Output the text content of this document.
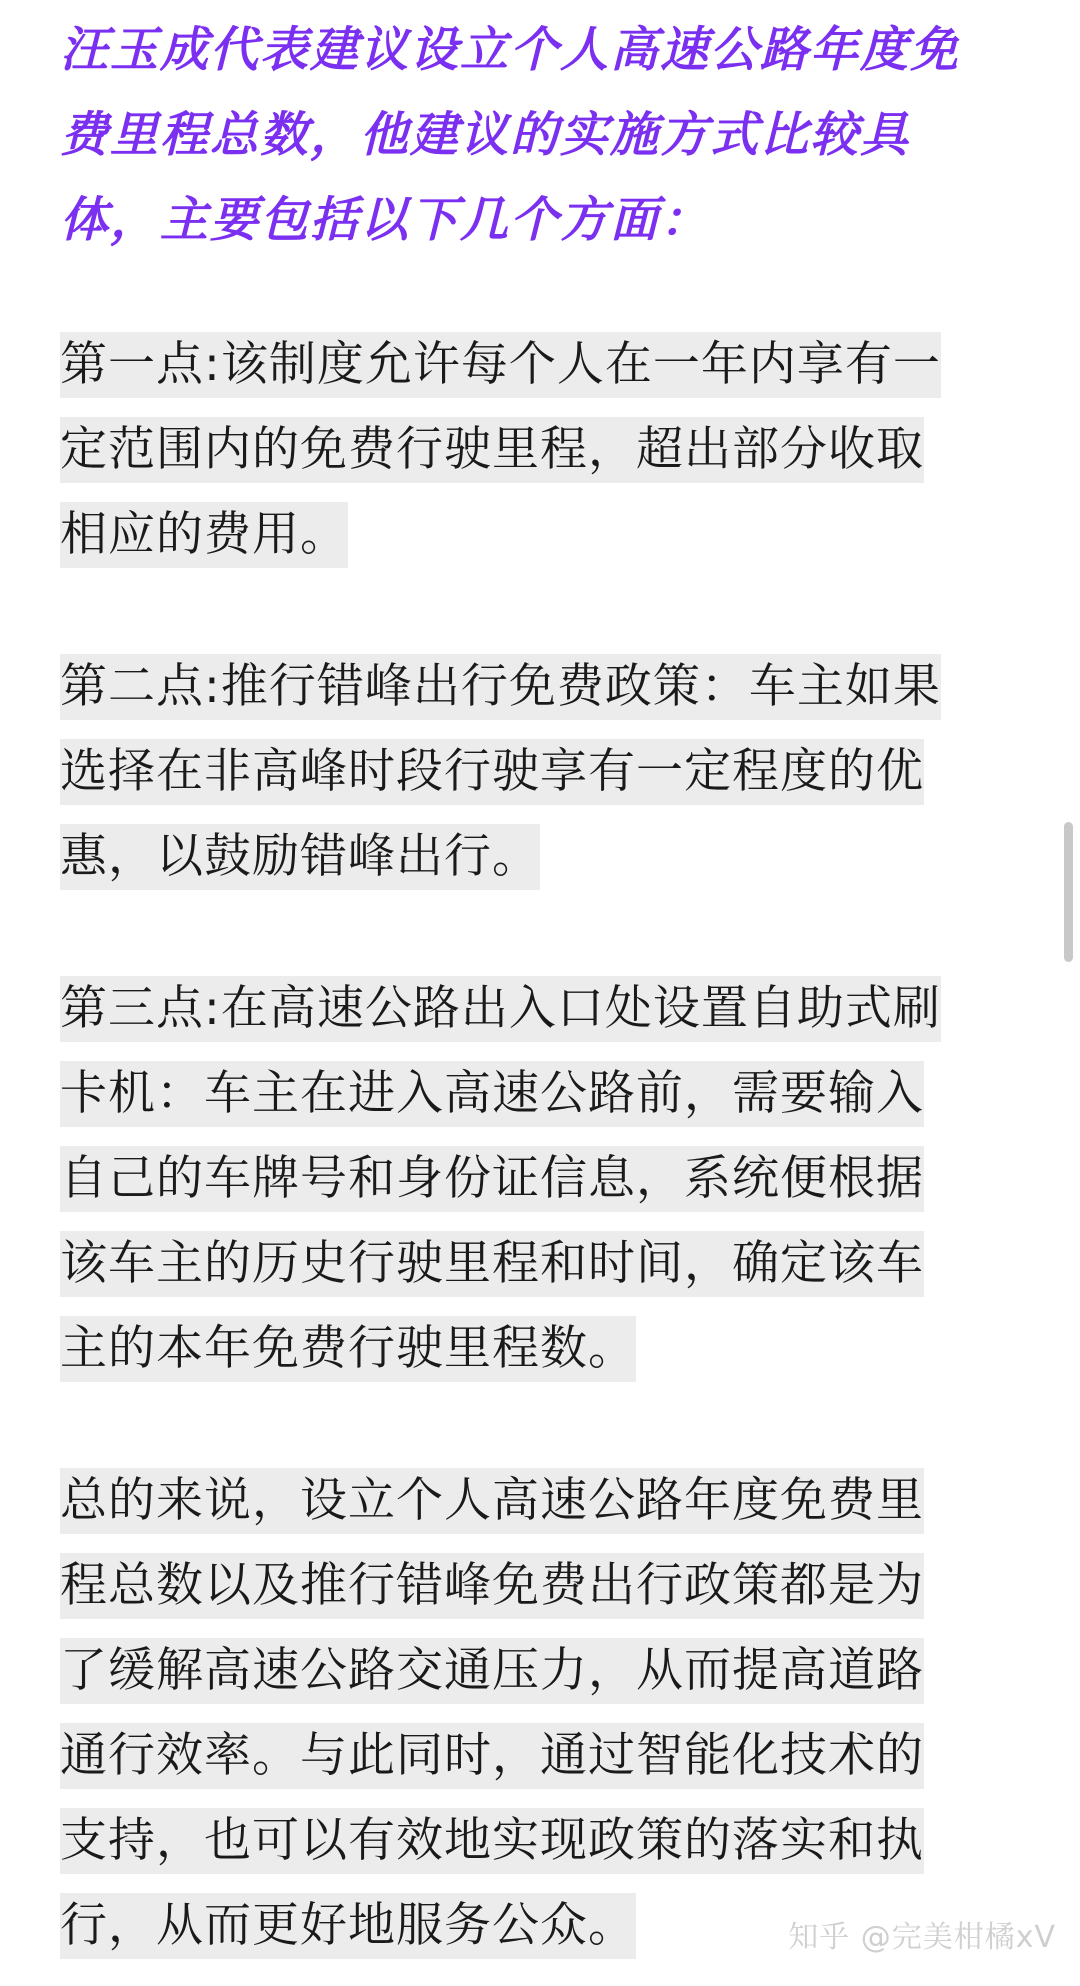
汪玉成代表建议设立个人高速公路年度免
费里程总数，他建议的实施方式比较具
体，主要包括以下几个方面：
第一点:该制度允许每个人在一年内享有一
定范围内的免费行驶里程，超出部分收取
相应的费用。
第二点:推行错峰出行免费政策：车主如果
选择在非高峰时段行驶享有一定程度的优
惠，以鼓励错峰出行。
第三点:在高速公路出入口处设置自助式刷
卡机：车主在进入高速公路前，需要输入
自己的车牌号和身份证信息，系统便根据
该车主的历史行驶里程和时间，确定该车
主的本年免费行驶里程数。
总的来说，设立个人高速公路年度免费里
程总数以及推行错峰免费出行政策都是为
了缓解高速公路交通压力，从而提高道路
通行效率。与此同时，通过智能化技术的
支持，也可以有效地实现政策的落实和执
行，从而更好地服务公众。	知乎 @完美柑橘xV
